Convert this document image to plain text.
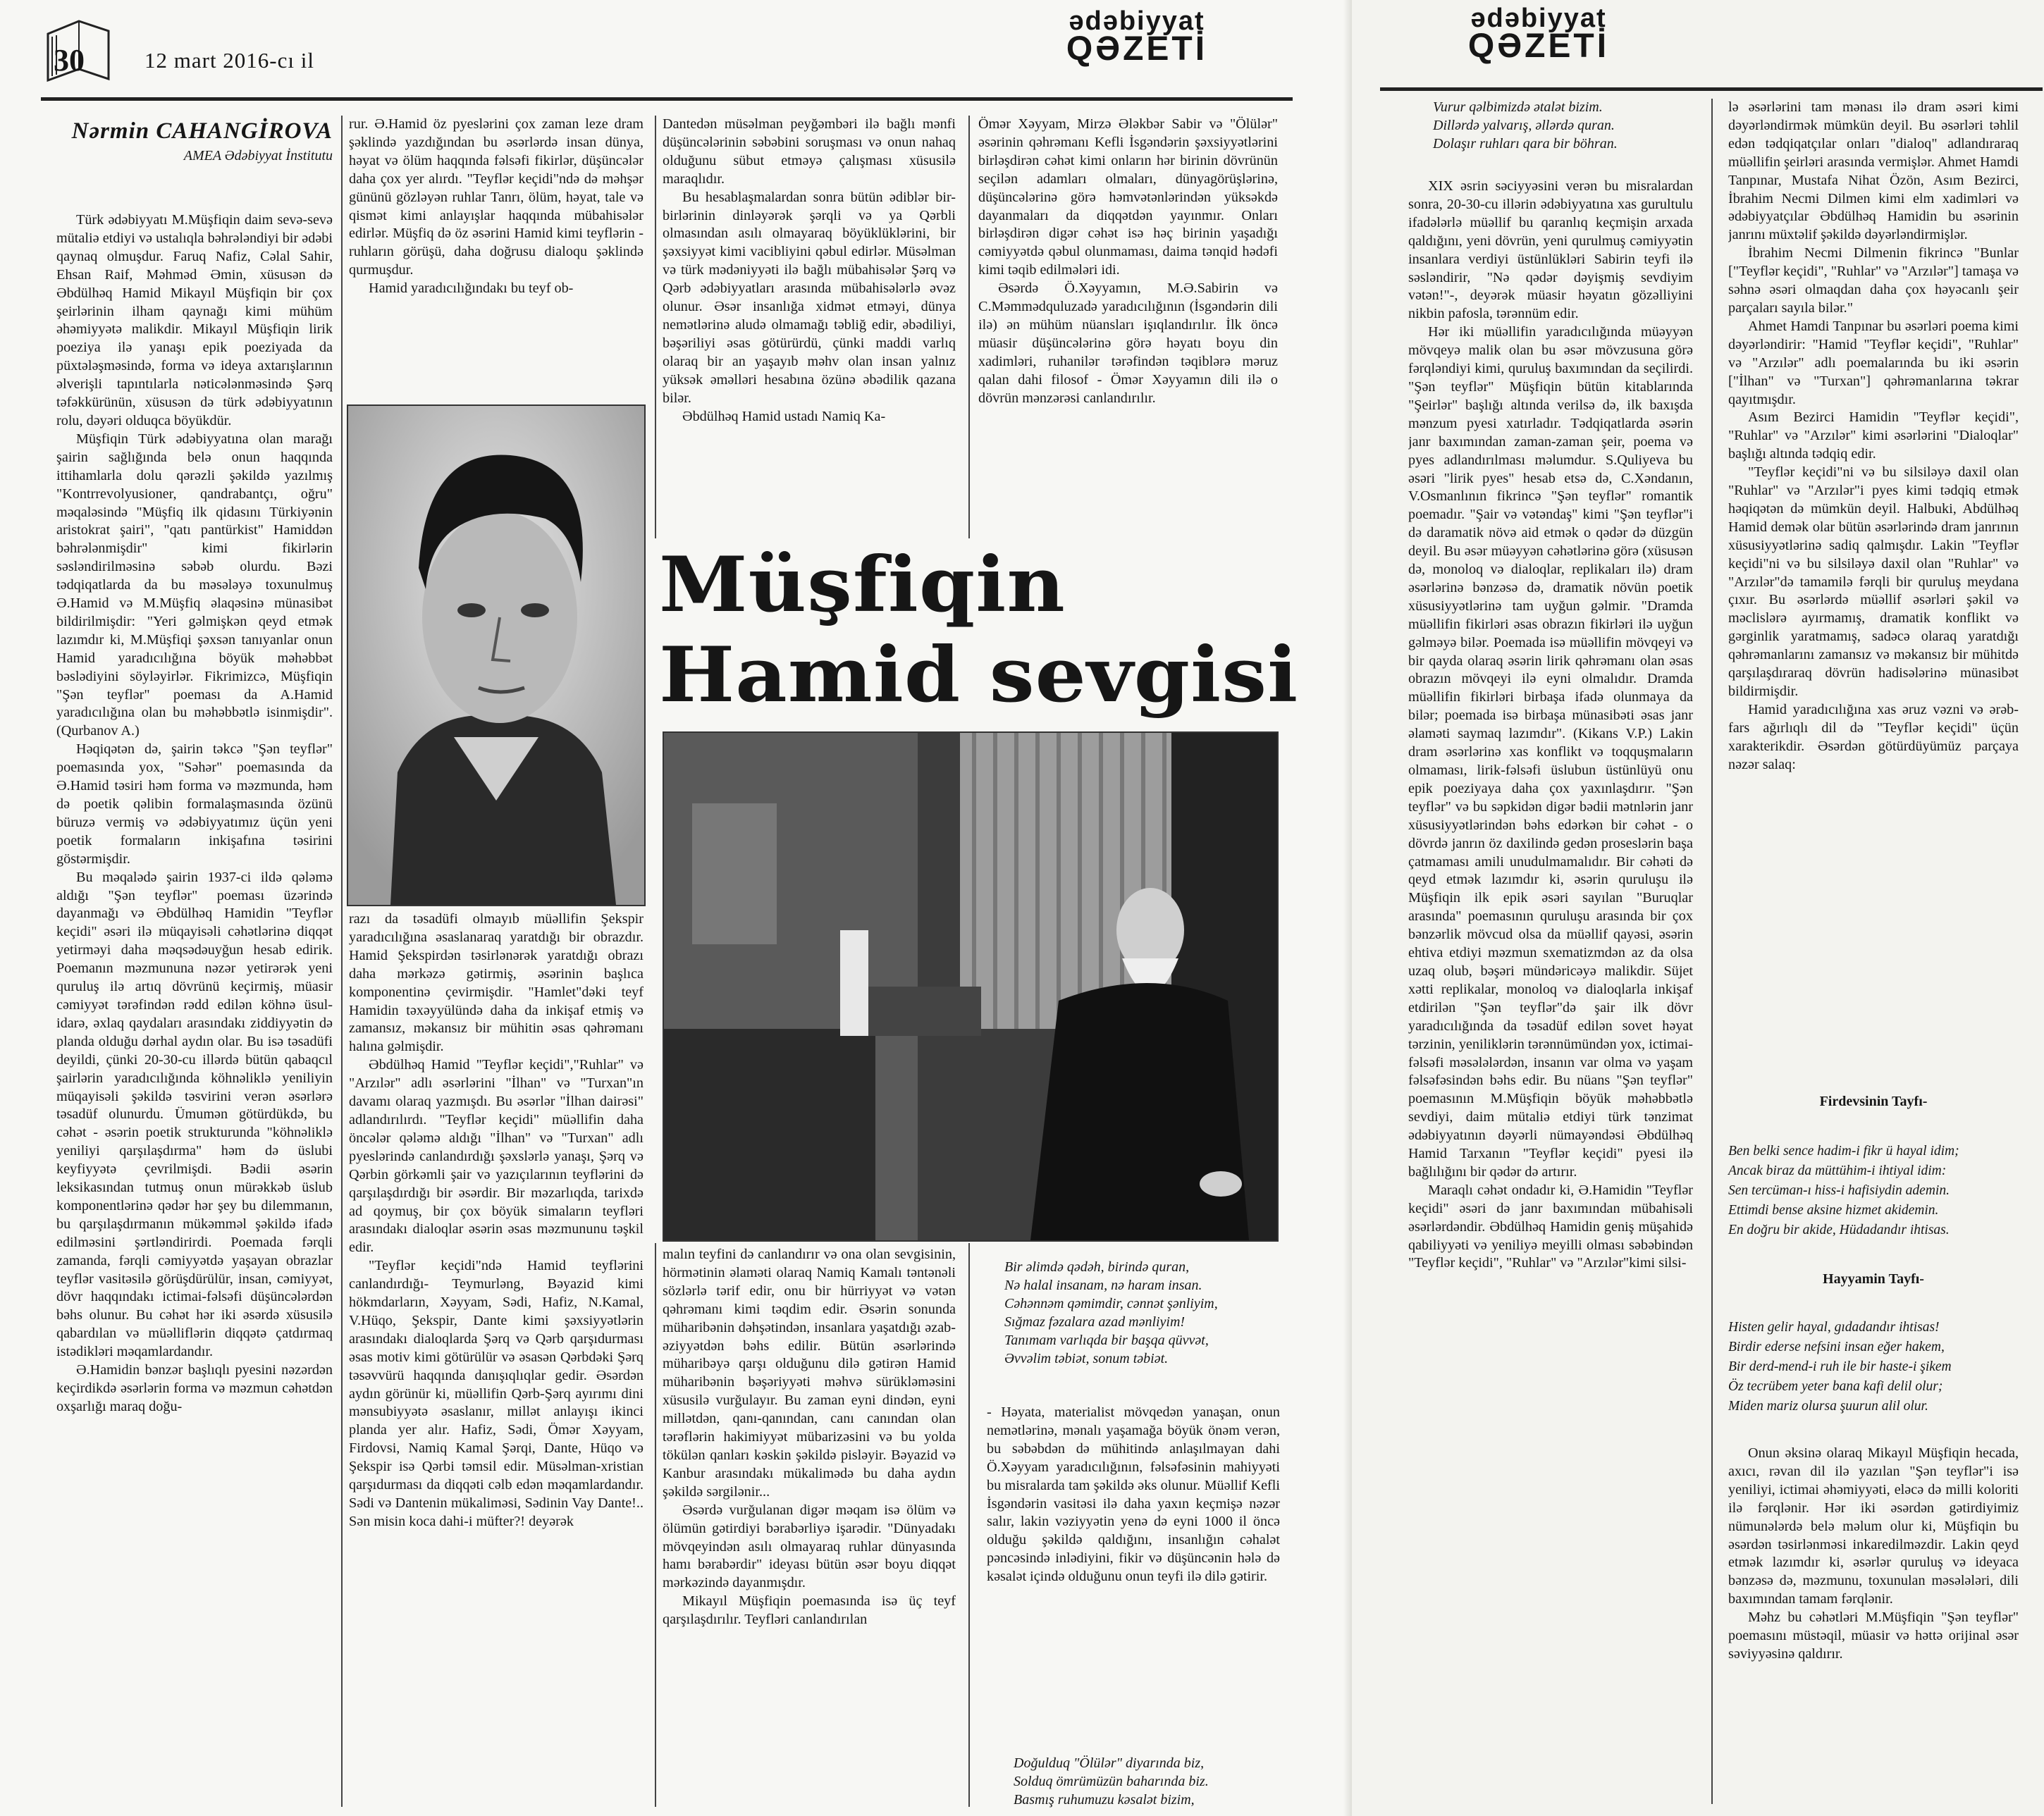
30	12 mart 2016-cı il
ədəbiyyat
QƏZETİ
Nərmin CAHANGİROVA
AMEA Ədəbiyyat İnstitutu

Türk ədəbiyyatı M.Müşfiqin daim sevə-sevə mütaliə etdiyi və ustalıqla bəhrələndiyi bir ədəbi qaynaq olmuşdur. Faruq Nafiz, Cəlal Sahir, Ehsan Raif, Məhməd Əmin, xüsusən də Əbdülhəq Hamid Mikayıl Müşfiqin bir çox şeirlərinin ilham qaynağı kimi mühüm əhəmiyyətə malikdir. Mikayıl Müşfiqin lirik poeziya ilə yanaşı epik poeziyada da püxtələşməsində, forma və ideya axtarışlarının əlverişli tapıntılarla nəticələnməsində Şərq təfəkkürünün, xüsusən də türk ədəbiyyatının rolu, dəyəri olduqca böyükdür.

Müşfiqin Türk ədəbiyyatına olan marağı şairin sağlığında belə onun haqqında ittihamlarla dolu qərəzli şəkildə yazılmış "Kontrrevolyusioner, qandrabantçı, oğru" məqaləsində "Müşfiq ilk qidasını Türkiyənin aristokrat şairi", "qatı pantürkist" Hamiddən bəhrələnmişdir" kimi fikirlərin səsləndirilməsinə səbəb olurdu. Bəzi tədqiqatlarda da bu məsələyə toxunulmuş Ə.Hamid və M.Müşfiq əlaqəsinə münasibət bildirilmişdir: "Yeri gəlmişkən qeyd etmək lazımdır ki, M.Müşfiqi şəxsən tanıyanlar onun Hamid yaradıcılığına böyük məhəbbət bəslədiyini söyləyirlər. Fikrimizcə, Müşfiqin "Şən teyflər" poeması da A.Hamid yaradıcılığına olan bu məhəbbətlə isinmişdir". (Qurbanov A.)

Həqiqətən də, şairin təkcə "Şən teyflər" poemasında yox, "Səhər" poemasında da Ə.Hamid təsiri həm forma və məzmunda, həm də poetik qəlibin formalaşmasında özünü büruzə vermiş və ədəbiyyatımız üçün yeni poetik formaların inkişafına təsirini göstərmişdir.

Bu məqalədə şairin 1937-ci ildə qələmə aldığı "Şən teyflər" poeması üzərində dayanmağı və Əbdülhəq Hamidin "Teyflər keçidi" əsəri ilə müqayisəli cəhətlərinə diqqət yetirməyi daha məqsədəuyğun hesab edirik. Poemanın məzmununa nəzər yetirərək yeni quruluş ilə artıq dövrünü keçirmiş, müasir cəmiyyət tərəfindən rədd edilən köhnə üsul-idarə, əxlaq qaydaları arasındakı ziddiyyətin də planda olduğu dərhal aydın olar. Bu isə təsadüfi deyildi, çünki 20-30-cu illərdə bütün qabaqcıl şairlərin yaradıcılığında köhnəliklə yeniliyin müqayisəli şəkildə təsvirini verən əsərlərə təsadüf olunurdu. Ümumən götürdükdə, bu cəhət - əsərin poetik strukturunda "köhnəliklə yeniliyi qarşılaşdırma" həm də üslubi keyfiyyətə çevrilmişdi. Bədii əsərin leksikasından tutmuş onun mürəkkəb üslub komponentlərinə qədər hər şey bu dilemmanın, bu qarşılaşdırmanın mükəmməl şəkildə ifadə edilməsini şərtləndirirdi. Poemada fərqli zamanda, fərqli cəmiyyətdə yaşayan obrazlar teyflər vasitəsilə görüşdürülür, insan, cəmiyyət, dövr haqqındakı ictimai-fəlsəfi düşüncələrdən bəhs olunur. Bu cəhət hər iki əsərdə xüsusilə qabardılan və müəlliflərin diqqətə çatdırmaq istədikləri məqamlardandır.

Ə.Hamidin bənzər başlıqlı pyesini nəzərdən keçirdikdə əsərlərin forma və məzmun cəhətdən oxşarlığı maraq doğu-

rur. Ə.Hamid öz pyeslərini çox zaman leze dram şəklində yazdığından bu əsərlərdə insan dünya, həyat və ölüm haqqında fəlsəfi fikirlər, düşüncələr daha çox yer alırdı. "Teyflər keçidi"ndə də məhşər gününü gözləyən ruhlar Tanrı, ölüm, həyat, tale və qismət kimi anlayışlar haqqında mübahisələr edirlər. Müşfiq də öz əsərini Hamid kimi teyflərin - ruhların görüşü, daha doğrusu dialoqu şəklində qurmuşdur.

Hamid yaradıcılığındakı bu teyf ob-

razı da təsadüfi olmayıb müəllifin Şekspir yaradıcılığına əsaslanaraq yaratdığı bir obrazdır. Hamid Şekspirdən təsirlənərək yaratdığı obrazı daha mərkəzə gətirmiş, əsərinin başlıca komponentinə çevirmişdir. "Hamlet"dəki teyf Hamidin təxəyyülündə daha da inkişaf etmiş və zamansız, məkansız bir mühitin əsas qəhrəmanı halına gəlmişdir.

Əbdülhəq Hamid "Teyflər keçidi","Ruhlar" və "Arzılər" adlı əsərlərini "İlhan" və "Turxan"ın davamı olaraq yazmışdı. Bu əsərlər "İlhan dairəsi" adlandırılırdı. "Teyflər keçidi" müəllifin daha öncələr qələmə aldığı "İlhan" və "Turxan" adlı pyeslərində canlandırdığı şəxslərlə yanaşı, Şərq və Qərbin görkəmli şair və yazıçılarının teyflərini də qarşılaşdırdığı bir əsərdir. Bir məzarlıqda, tarixdə ad qoymuş, bir çox böyük simaların teyfləri arasındakı dialoqlar əsərin əsas məzmununu təşkil edir.

"Teyflər keçidi"ndə Hamid teyflərini canlandırdığı- Teymurləng, Bəyazid kimi hökmdarların, Xəyyam, Sədi, Hafiz, N.Kamal, V.Hüqo, Şekspir, Dante kimi şəxsiyyətlərin arasındakı dialoqlarda Şərq və Qərb qarşıdurması əsas motiv kimi götürülür və əsasən Qərbdəki Şərq təsəvvürü haqqında danışıqlıqlar gedir. Əsərdən aydın görünür ki, müəllifin Qərb-Şərq ayırımı dini mənsubiyyətə əsaslanır, millət anlayışı ikinci planda yer alır. Hafiz, Sədi, Ömər Xəyyam, Firdovsi, Namiq Kamal Şərqi, Dante, Hüqo və Şekspir isə Qərbi təmsil edir. Müsəlman-xristian qarşıdurması da diqqəti cəlb edən məqamlardandır. Sədi və Dantenin mükaliməsi, Sədinin Vay Dante!.. Sən misin koca dahi-i müfter?! deyərək

Dantedən müsəlman peyğəmbəri ilə bağlı mənfi düşüncələrinin səbəbini soruşması və onun nahaq olduğunu sübut etməyə çalışması xüsusilə maraqlıdır.

Bu hesablaşmalardan sonra bütün ədiblər bir-birlərinin dinləyərək şərqli və ya Qərbli olmasından asılı olmayaraq böyüklüklərini, bir şəxsiyyət kimi vacibliyini qəbul edirlər. Müsəlman və türk mədəniyyəti ilə bağlı mübahisələr Şərq və Qərb ədəbiyyatları arasında mübahisələrlə əvəz olunur. Əsər insanlığa xidmət etməyi, dünya nemətlərinə aludə olmamağı təbliğ edir, əbədiliyi, bəşəriliyi əsas götürürdü, çünki maddi varlıq olaraq bir an yaşayıb məhv olan insan yalnız yüksək əməlləri hesabına özünə əbədilik qazana bilər.

Əbdülhəq Hamid ustadı Namiq Ka-

Ömər Xəyyam, Mirzə Ələkbər Sabir və "Ölülər" əsərinin qəhrəmanı Kefli İsgəndərin şəxsiyyətlərini birləşdirən cəhət kimi onların hər birinin dövrünün seçilən adamları olmaları, dünyagörüşlərinə, düşüncələrinə görə həmvətənlərindən yüksəkdə dayanmaları da diqqətdən yayınmır. Onları birləşdirən digər cəhət isə həç birinin yaşadığı cəmiyyətdə qəbul olunmaması, daima tənqid hədəfi kimi təqib edilmələri idi.

Əsərdə Ö.Xəyyamın, M.Ə.Sabirin və C.Məmmədquluzadə yaradıcılığının (İsgəndərin dili ilə) ən mühüm nüansları işıqlandırılır. İlk öncə müasir düşüncələrinə görə həyatı boyu din xadimləri, ruhanilər tərəfindən təqiblərə məruz qalan dahi filosof - Ömər Xəyyamın dili ilə o dövrün mənzərəsi canlandırılır.

Müşfiqin
Hamid sevgisi

malın teyfini də canlandırır və ona olan sevgisinin, hörmətinin əlaməti olaraq Namiq Kamalı təntənəli sözlərlə tərif edir, onu bir hürriyyət və vətən qəhrəmanı kimi təqdim edir. Əsərin sonunda müharibənin dəhşətindən, insanlara yaşatdığı əzab-əziyyətdən bəhs edilir. Bütün əsərlərində müharibəyə qarşı olduğunu dilə gətirən Hamid müharibənin bəşəriyyəti məhvə sürükləməsini xüsusilə vurğulayır. Bu zaman eyni dindən, eyni millətdən, qanı-qanından, canı canından olan tərəflərin hakimiyyət mübarizəsini və bu yolda tökülən qanları kəskin şəkildə pisləyir. Bəyazid və Kanbur arasındakı mükalimədə bu daha aydın şəkildə sərgilənir...

Əsərdə vurğulanan digər məqam isə ölüm və ölümün gətirdiyi bərabərliyə işarədir. "Dünyadakı mövqeyindən asılı olmayaraq ruhlar dünyasında hamı bərabərdir" ideyası bütün əsər boyu diqqət mərkəzində dayanmışdır.

Mikayıl Müşfiqin poemasında isə üç teyf qarşılaşdırılır. Teyfləri canlandırılan

Bir əlimdə qədəh, birində quran,
Nə halal insanam, nə haram insan.
Cəhənnəm qəmimdir, cənnət şənliyim,
Sığmaz fəzalara azad mənliyim!
Tanımam varlıqda bir başqa qüvvət,
Əvvəlim təbiət, sonum təbiət.

- Həyata, materialist mövqedən yanaşan, onun nemətlərinə, mənalı yaşamağa böyük önəm verən, bu səbəbdən də mühitində anlaşılmayan dahi Ö.Xəyyam yaradıcılığının, fəlsəfəsinin mahiyyəti bu misralarda tam şəkildə əks olunur. Müəllif Kefli İsgəndərin vasitəsi ilə daha yaxın keçmişə nəzər salır, lakin vəziyyətin yenə də eyni 1000 il öncə olduğu şəkildə qaldığını, insanlığın cəhalət pəncəsində inlədiyini, fikir və düşüncənin hələ də kəsalət içində olduğunu onun teyfi ilə dilə gətirir.

Doğulduq "Ölülər" diyarında biz,
Solduq ömrümüzün baharında biz.
Basmış ruhumuzu kəsalət bizim,
ədəbiyyat
QƏZETİ
Vurur qəlbimizdə ətalət bizim.
Dillərdə yalvarış, əllərdə quran.
Dolaşır ruhları qara bir böhran.

XIX əsrin səciyyəsini verən bu misralardan sonra, 20-30-cu illərin ədəbiyyatına xas gurultulu ifadələrlə müəllif bu qaranlıq keçmişin arxada qaldığını, yeni dövrün, yeni qurulmuş cəmiyyətin insanlara verdiyi üstünlükləri Sabirin teyfi ilə səsləndirir, "Nə qədər dəyişmiş sevdiyim vətən!"-, deyərək müasir həyatın gözəlliyini nikbin pafosla, tərənnüm edir.

Hər iki müəllifin yaradıcılığında müəyyən mövqeyə malik olan bu əsər mövzusuna görə fərqləndiyi kimi, quruluş baxımından da seçilirdi. "Şən teyflər" Müşfiqin bütün kitablarında "Şeirlər" başlığı altında verilsə də, ilk baxışda mənzum pyesi xatırladır. Tədqiqatlarda əsərin janr baxımından zaman-zaman şeir, poema və pyes adlandırılması məlumdur. S.Quliyeva bu əsəri "lirik pyes" hesab etsə də, C.Xəndanın, V.Osmanlının fikrincə "Şən teyflər" romantik poemadır. "Şair və vətəndaş" kimi "Şən teyflər"i də daramatik növə aid etmək o qədər də düzgün deyil. Bu əsər müəyyən cəhətlərinə görə (xüsusən də, monoloq və dialoqlar, replikaları ilə) dram əsərlərinə bənzəsə də, dramatik növün poetik xüsusiyyətlərinə tam uyğun gəlmir. "Dramda müəllifin fikirləri əsas obrazın fikirləri ilə uyğun gəlməyə bilər. Poemada isə müəllifin mövqeyi və bir qayda olaraq əsərin lirik qəhrəmanı olan əsas obrazın mövqeyi ilə eyni olmalıdır. Dramda müəllifin fikirləri birbaşa ifadə olunmaya da bilər; poemada isə birbaşa münasibəti əsas janr əlaməti saymaq lazımdır". (Kikans V.P.) Lakin dram əsərlərinə xas konflikt və toqquşmaların olmaması, lirik-fəlsəfi üslubun üstünlüyü onu epik poeziyaya daha çox yaxınlaşdırır. "Şən teyflər" və bu səpkidən digər bədii mətnlərin janr xüsusiyyətlərindən bəhs edərkən bir cəhət - o dövrdə janrın öz daxilində gedən proseslərin başa çatmaması amili unudulmamalıdır. Bir cəhəti də qeyd etmək lazımdır ki, əsərin quruluşu ilə Müşfiqin ilk epik əsəri sayılan "Buruqlar arasında" poemasının quruluşu arasında bir çox bənzərlik mövcud olsa da müəllif qayəsi, əsərin ehtiva etdiyi məzmun sxematizmdən az da olsa uzaq olub, bəşəri mündəricəyə malikdir. Süjet xətti replikalar, monoloq və dialoqlarla inkişaf etdirilən "Şən teyflər"də şair ilk dövr yaradıcılığında da təsadüf edilən sovet həyat tərzinin, yeniliklərin tərənnümündən yox, ictimai-fəlsəfi məsələlərdən, insanın var olma və yaşam fəlsəfəsindən bəhs edir. Bu nüans "Şən teyflər" poemasının M.Müşfiqin böyük məhəbbətlə sevdiyi, daim mütaliə etdiyi türk tənzimat ədəbiyyatının dəyərli nümayəndəsi Əbdülhəq Hamid Tarxanın "Teyflər keçidi" pyesi ilə bağlılığını bir qədər də artırır.

Maraqlı cəhət ondadır ki, Ə.Hamidin "Teyflər keçidi" əsəri də janr baxımından mübahisəli əsərlərdəndir. Əbdülhəq Hamidin geniş müşahidə qabiliyyəti və yeniliyə meyilli olması səbəbindən "Teyflər keçidi", "Ruhlar" və "Arzılər"kimi silsi-

lə əsərlərini tam mənası ilə dram əsəri kimi dəyərləndirmək mümkün deyil. Bu əsərləri təhlil edən tədqiqatçılar onları "dialoq" adlandıraraq müəllifin şeirləri arasında vermişlər. Ahmet Hamdi Tanpınar, Mustafa Nihat Özön, Asım Bezirci, İbrahim Necmi Dilmen kimi elm xadimləri və ədəbiyyatçılar Əbdülhəq Hamidin bu əsərinin janrını müxtəlif şəkildə dəyərləndirmişlər.

İbrahim Necmi Dilmenin fikrincə "Bunlar ["Teyflər keçidi", "Ruhlar" və "Arzılər"] tamaşa və səhnə əsəri olmaqdan daha çox həyəcanlı şeir parçaları sayıla bilər."

Ahmet Hamdi Tanpınar bu əsərləri poema kimi dəyərləndirir: "Hamid "Teyflər keçidi", "Ruhlar" və "Arzılər" adlı poemalarında bu iki əsərin ["İlhan" və "Turxan"] qəhrəmanlarına təkrar qayıtmışdır.

Asım Bezirci Hamidin "Teyflər keçidi", "Ruhlar" və "Arzılər" kimi əsərlərini "Dialoqlar" başlığı altında tədqiq edir.

"Teyflər keçidi"ni və bu silsiləyə daxil olan "Ruhlar" və "Arzılər"i pyes kimi tədqiq etmək həqiqətən də mümkün deyil. Halbuki, Abdülhəq Hamid demək olar bütün əsərlərində dram janrının xüsusiyyətlərinə sadiq qalmışdır. Lakin "Teyflər keçidi"ni və bu silsiləyə daxil olan "Ruhlar" və "Arzılər"də tamamilə fərqli bir quruluş meydana çıxır. Bu əsərlərdə müəllif əsərləri şəkil və məclislərə ayırmamış, dramatik konflikt və gərginlik yaratmamış, sadəcə olaraq yaratdığı qəhrəmanlarını zamansız və məkansız bir mühitdə qarşılaşdıraraq dövrün hadisələrinə münasibət bildirmişdir.

Hamid yaradıcılığına xas əruz vəzni və ərəb-fars ağırlıqlı dil də "Teyflər keçidi" üçün xarakterikdir. Əsərdən götürdüyümüz parçaya nəzər salaq:

Firdevsinin Tayfı-
Ben belki sence hadim-i fikr ü hayal idim;
Ancak biraz da müttühim-i ihtiyal idim:
Sen tercüman-ı hiss-i hafisiydin ademin.
Ettimdi bense aksine hizmet akidemin.
En doğru bir akide, Hüdadandır ihtisas.
Hayyamin Tayfı-
Histen gelir hayal, gıdadandır ihtisas!
Birdir ederse nefsini insan eğer hakem,
Bir derd-mend-i ruh ile bir haste-i şikem
Öz tecrübem yeter bana kafi delil olur;
Miden mariz olursa şuurun alil olur.

Onun əksinə olaraq Mikayıl Müşfiqin hecada, axıcı, rəvan dil ilə yazılan "Şən teyflər"i isə yeniliyi, ictimai əhəmiyyəti, eləcə də milli koloriti ilə fərqlənir. Hər iki əsərdən gətirdiyimiz nümunələrdə belə məlum olur ki, Müşfiqin bu əsərdən təsirlənməsi inkaredilməzdir. Lakin qeyd etmək lazımdır ki, əsərlər quruluş və ideyaca bənzəsə də, məzmunu, toxunulan məsələləri, dili baxımından tamam fərqlənir.

Məhz bu cəhətləri M.Müşfiqin "Şən teyflər" poemasını müstəqil, müasir və həttə orijinal əsər səviyyəsinə qaldırır.
